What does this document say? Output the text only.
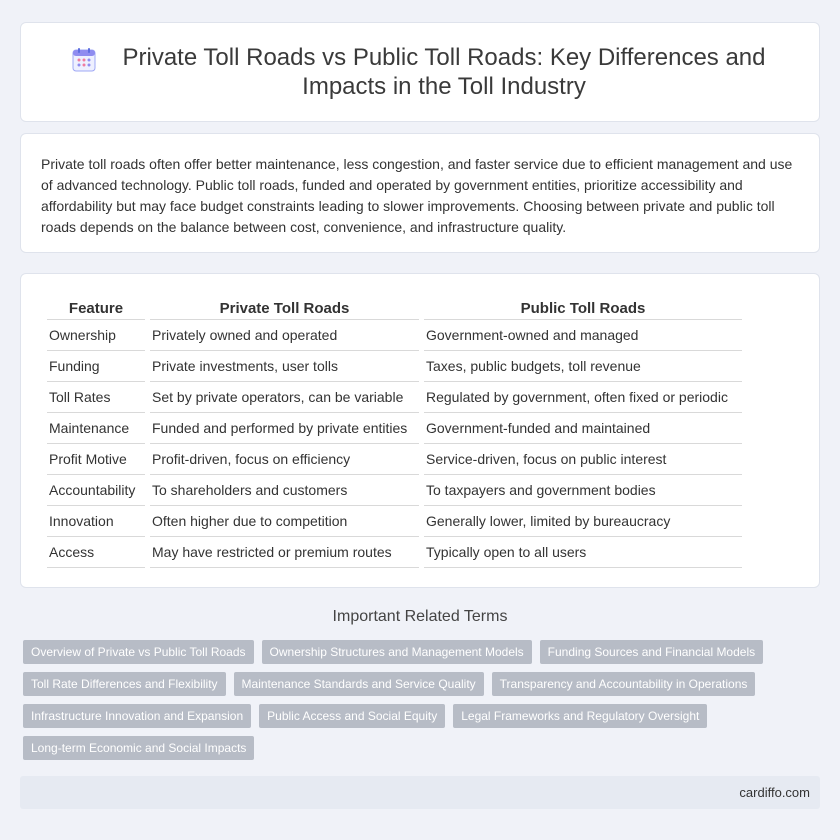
Private Toll Roads vs Public Toll Roads: Key Differences and Impacts in the Toll Industry

Private toll roads often offer better maintenance, less congestion, and faster service due to efficient management and use of advanced technology. Public toll roads, funded and operated by government entities, prioritize accessibility and affordability but may face budget constraints leading to slower improvements. Choosing between private and public toll roads depends on the balance between cost, convenience, and infrastructure quality.

Feature	Private Toll Roads	Public Toll Roads
Ownership	Privately owned and operated	Government-owned and managed
Funding	Private investments, user tolls	Taxes, public budgets, toll revenue
Toll Rates	Set by private operators, can be variable	Regulated by government, often fixed or periodic
Maintenance	Funded and performed by private entities	Government-funded and maintained
Profit Motive	Profit-driven, focus on efficiency	Service-driven, focus on public interest
Accountability	To shareholders and customers	To taxpayers and government bodies
Innovation	Often higher due to competition	Generally lower, limited by bureaucracy
Access	May have restricted or premium routes	Typically open to all users
Important Related Terms
Overview of Private vs Public Toll Roads	Ownership Structures and Management Models	Funding Sources and Financial Models
Toll Rate Differences and Flexibility	Maintenance Standards and Service Quality	Transparency and Accountability in Operations
Infrastructure Innovation and Expansion	Public Access and Social Equity	Legal Frameworks and Regulatory Oversight
Long-term Economic and Social Impacts
cardiffo.com
